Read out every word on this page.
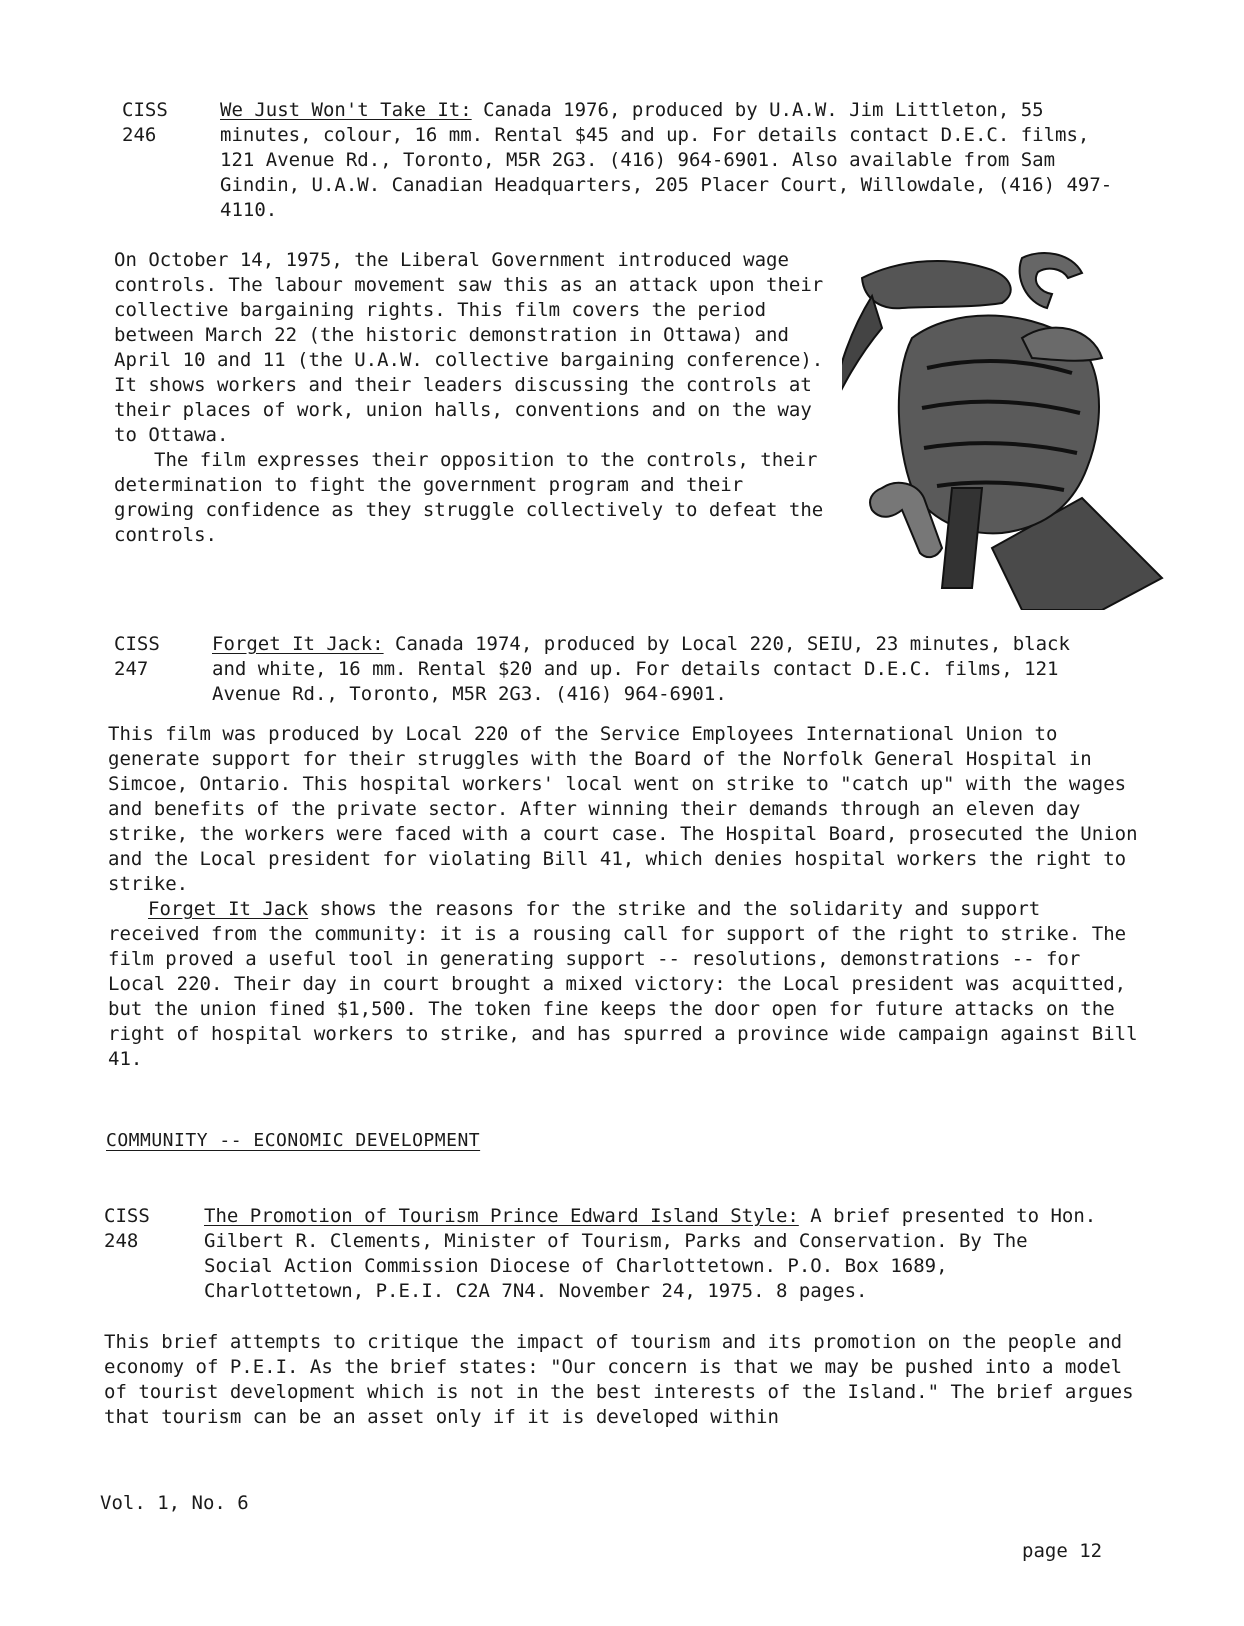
CISS
246
We Just Won't Take It: Canada 1976, produced by U.A.W. Jim Littleton, 55 minutes, colour, 16 mm. Rental $45 and up. For details contact D.E.C. films, 121 Avenue Rd., Toronto, M5R 2G3. (416) 964-6901. Also available from Sam Gindin, U.A.W. Canadian Headquarters, 205 Placer Court, Willowdale, (416) 497-4110.

On October 14, 1975, the Liberal Government introduced wage controls. The labour movement saw this as an attack upon their collective bargaining rights. This film covers the period between March 22 (the historic demonstration in Ottawa) and April 10 and 11 (the U.A.W. collective bargaining conference). It shows workers and their leaders discussing the controls at their places of work, union halls, conventions and on the way to Ottawa.

The film expresses their opposition to the controls, their determination to fight the government program and their growing confidence as they struggle collectively to defeat the controls.

CISS
247
Forget It Jack: Canada 1974, produced by Local 220, SEIU, 23 minutes, black and white, 16 mm. Rental $20 and up. For details contact D.E.C. films, 121 Avenue Rd., Toronto, M5R 2G3. (416) 964-6901.

This film was produced by Local 220 of the Service Employees International Union to generate support for their struggles with the Board of the Norfolk General Hospital in Simcoe, Ontario. This hospital workers' local went on strike to "catch up" with the wages and benefits of the private sector. After winning their demands through an eleven day strike, the workers were faced with a court case. The Hospital Board, prosecuted the Union and the Local president for violating Bill 41, which denies hospital workers the right to strike.

Forget It Jack shows the reasons for the strike and the solidarity and support received from the community: it is a rousing call for support of the right to strike. The film proved a useful tool in generating support -- resolutions, demonstrations -- for Local 220. Their day in court brought a mixed victory: the Local president was acquitted, but the union fined $1,500. The token fine keeps the door open for future attacks on the right of hospital workers to strike, and has spurred a province wide campaign against Bill 41.

COMMUNITY -- ECONOMIC DEVELOPMENT
CISS
248
The Promotion of Tourism Prince Edward Island Style: A brief presented to Hon. Gilbert R. Clements, Minister of Tourism, Parks and Conservation. By The Social Action Commission Diocese of Charlottetown. P.O. Box 1689, Charlottetown, P.E.I. C2A 7N4. November 24, 1975. 8 pages.

This brief attempts to critique the impact of tourism and its promotion on the people and economy of P.E.I. As the brief states: "Our concern is that we may be pushed into a model of tourist development which is not in the best interests of the Island." The brief argues that tourism can be an asset only if it is developed within

Vol. 1, No. 6
page 12
